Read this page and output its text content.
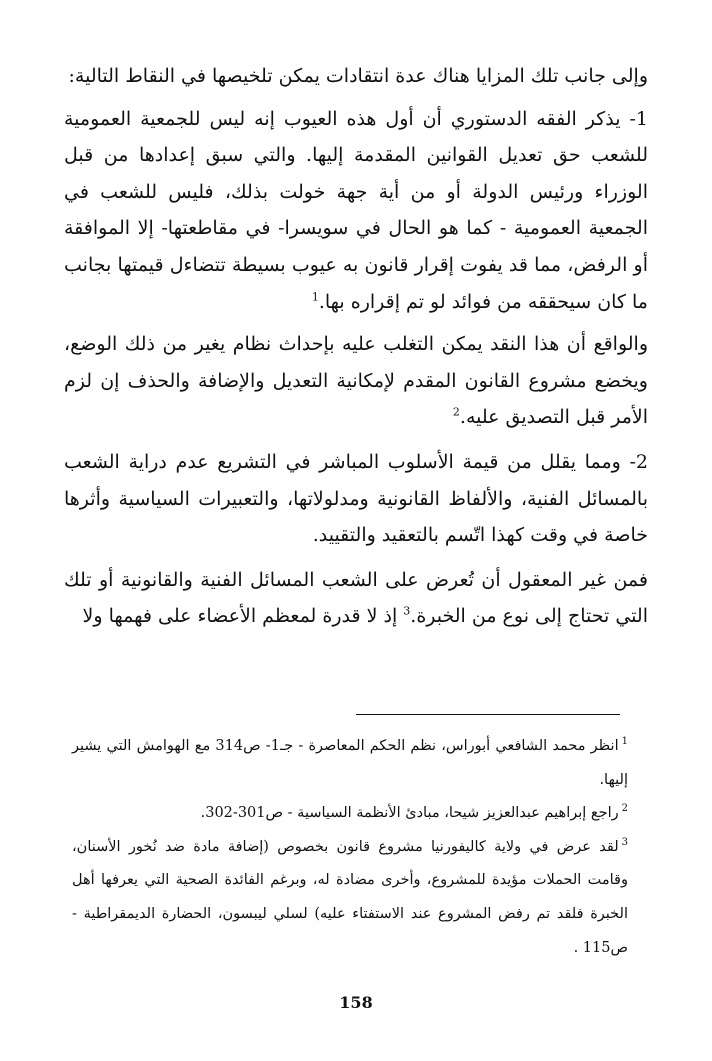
وإلى جانب تلك المزايا هناك عدة انتقادات يمكن تلخيصها في النقاط التالية:

1- يذكر الفقه الدستوري أن أول هذه العيوب إنه ليس للجمعية العمومية للشعب حق تعديل القوانين المقدمة إليها. والتي سبق إعدادها من قبل الوزراء ورئيس الدولة أو من أية جهة خولت بذلك، فليس للشعب في الجمعية العمومية - كما هو الحال في سويسرا- في مقاطعتها- إلا الموافقة أو الرفض، مما قد يفوت إقرار قانون به عيوب بسيطة تتضاءل قيمتها بجانب ما كان سيحققه من فوائد لو تم إقراره بها.$^1$

والواقع أن هذا النقد يمكن التغلب عليه بإحداث نظام يغير من ذلك الوضع، ويخضع مشروع القانون المقدم لإمكانية التعديل والإضافة والحذف إن لزم الأمر قبل التصديق عليه.$^2$

2- ومما يقلل من قيمة الأسلوب المباشر في التشريع عدم دراية الشعب بالمسائل الفنية، والألفاظ القانونية ومدلولاتها، والتعبيرات السياسية وأثرها خاصة في وقت كهذا اتّسم بالتعقيد والتقييد.

فمن غير المعقول أن تُعرض على الشعب المسائل الفنية والقانونية أو تلك التي تحتاج إلى نوع من الخبرة.$^3$ إذ لا قدرة لمعظم الأعضاء على فهمها ولا

$^1$انظر محمد الشافعي أبوراس، نظم الحكم المعاصرة - جـ1- ص314 مع الهوامش التي يشير إليها.

$^2$راجع إبراهيم عبدالعزيز شيحا، مبادئ الأنظمة السياسية - ص301-302.

$^3$لقد عرض في ولاية كاليفورنيا مشروع قانون بخصوص (إضافة مادة ضد نُخور الأسنان، وقامت الحملات مؤيدة للمشروع، وأخرى مضادة له، وبرغم الفائدة الصحية التي يعرفها أهل الخبرة فلقد تم رفض المشروع عند الاستفتاء عليه) لسلي ليبسون، الحضارة الديمقراطية - ص115 .

158
